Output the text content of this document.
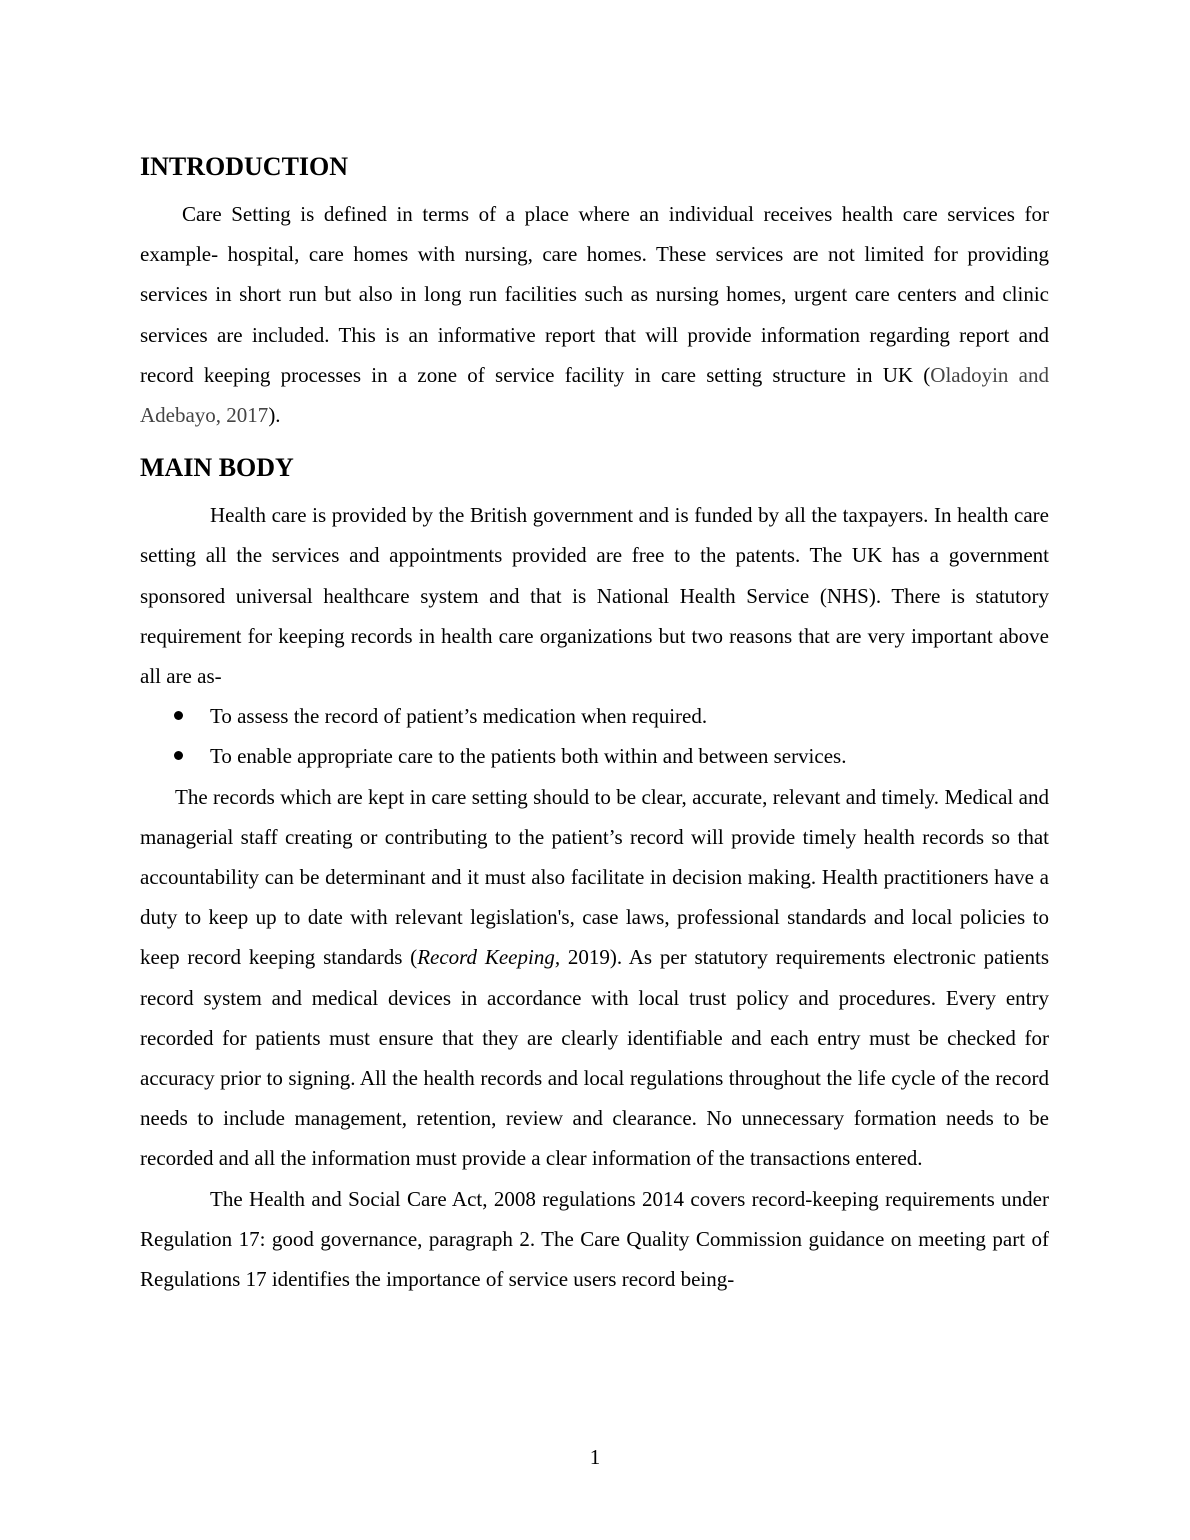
INTRODUCTION

Care Setting is defined in terms of a place where an individual receives health care services for example- hospital, care homes with nursing, care homes. These services are not limited for providing services in short run but also in long run facilities such as nursing homes, urgent care centers and clinic services are included. This is an informative report that will provide information regarding report and record keeping processes in a zone of service facility in care setting structure in UK (Oladoyin and Adebayo, 2017).

MAIN BODY

Health care is provided by the British government and is funded by all the taxpayers. In health care setting all the services and appointments provided are free to the patents. The UK has a government sponsored universal healthcare system and that is National Health Service (NHS). There is statutory requirement for keeping records in health care organizations but two reasons that are very important above all are as-

To assess the record of patient’s medication when required.
To enable appropriate care to the patients both within and between services.

The records which are kept in care setting should to be clear, accurate, relevant and timely. Medical and managerial staff creating or contributing to the patient’s record will provide timely health records so that accountability can be determinant and it must also facilitate in decision making. Health practitioners have a duty to keep up to date with relevant legislation's, case laws, professional standards and local policies to keep record keeping standards (Record Keeping, 2019). As per statutory requirements electronic patients record system and medical devices in accordance with local trust policy and procedures. Every entry recorded for patients must ensure that they are clearly identifiable and each entry must be checked for accuracy prior to signing. All the health records and local regulations throughout the life cycle of the record needs to include management, retention, review and clearance. No unnecessary formation needs to be recorded and all the information must provide a clear information of the transactions entered.

The Health and Social Care Act, 2008 regulations 2014 covers record-keeping requirements under Regulation 17: good governance, paragraph 2. The Care Quality Commission guidance on meeting part of Regulations 17 identifies the importance of service users record being-

1
